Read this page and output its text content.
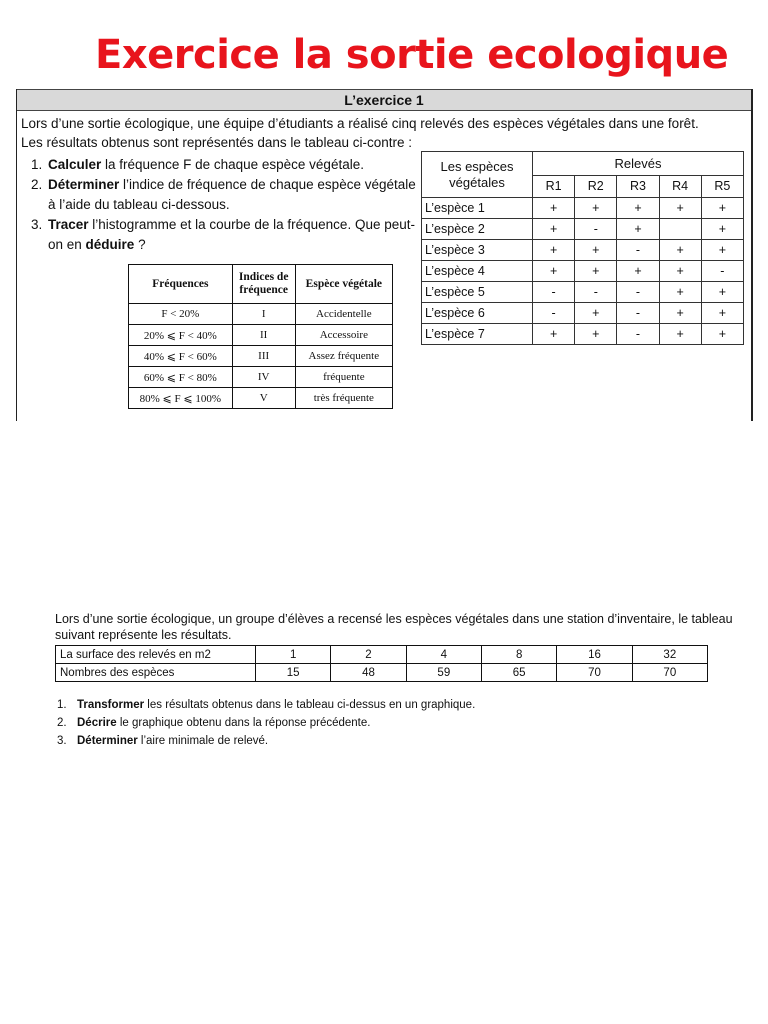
Exercice la sortie ecologique
L’exercice 1
Lors d’une sortie écologique, une équipe d’étudiants a réalisé cinq relevés des espèces végétales dans une forêt. Les résultats obtenus sont représentés dans le tableau ci-contre :
1. Calculer la fréquence F de chaque espèce végétale.
2. Déterminer l’indice de fréquence de chaque espèce végétale à l’aide du tableau ci-dessous.
3. Tracer l’histogramme et la courbe de la fréquence. Que peut-on en déduire ?
Fréquences	Indices de fréquence	Espèce végétale
F < 20%	I	Accidentelle
20% ⩽ F < 40%	II	Accessoire
40% ⩽ F < 60%	III	Assez fréquente
60% ⩽ F < 80%	IV	fréquente
80% ⩽ F ⩽ 100%	V	très fréquente
Les espèces
végétales	Relevés				
	R1	R2	R3	R4	R5
L’espèce 1	+	+	+	+	+
L’espèce 2	+	-	+		+
L’espèce 3	+	+	-	+	+
L’espèce 4	+	+	+	+	-
L’espèce 5	-	-	-	+	+
L’espèce 6	-	+	-	+	+
L’espèce 7	+	+	-	+	+
Lors d’une sortie écologique, un groupe d’élèves a recensé les espèces végétales dans une station d’inventaire, le tableau suivant représente les résultats.
La surface des relevés en m2	1	2	4	8	16	32
Nombres des espèces	15	48	59	65	70	70
1. Transformer les résultats obtenus dans le tableau ci-dessus en un graphique.
2. Décrire le graphique obtenu dans la réponse précédente.
3. Déterminer l’aire minimale de relevé.
